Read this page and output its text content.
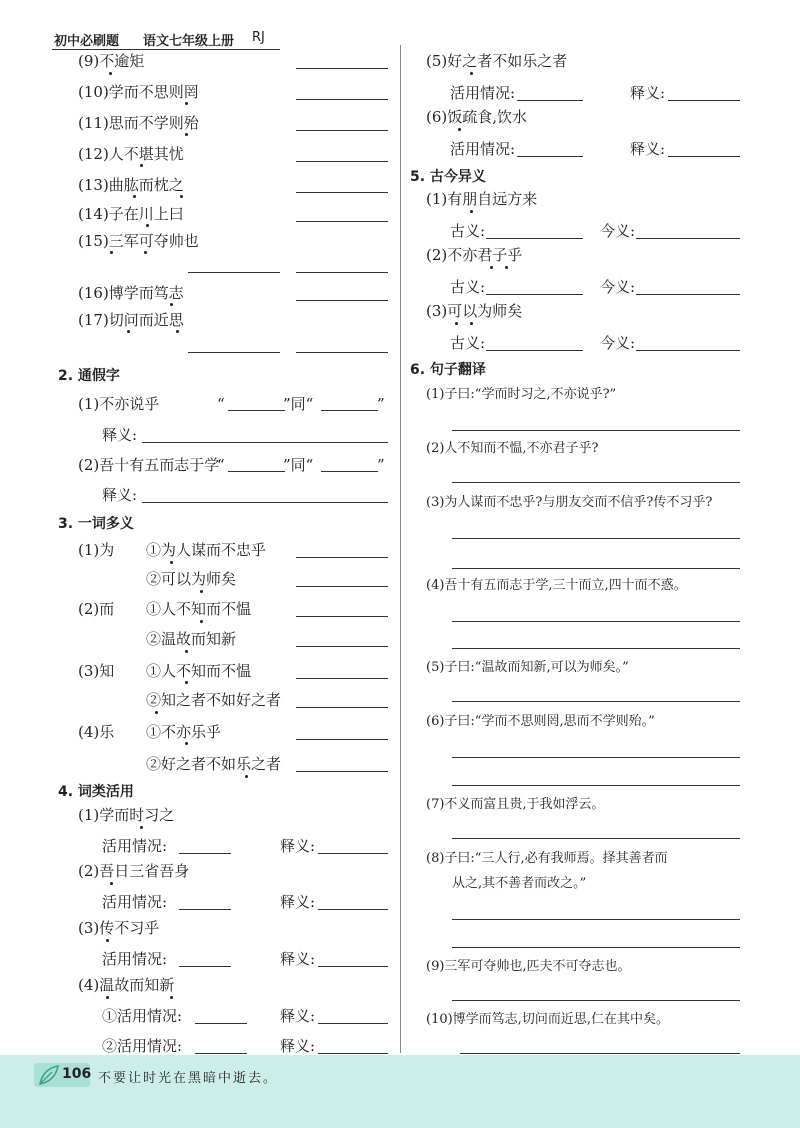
初中必刷题 语文七年级上册 RJ
(9)不逾矩
(10)学而不思则罔
(11)思而不学则殆
(12)人不堪其忧
(13)曲肱而枕之
(14)子在川上曰
(15)三军可夺帅也
(16)博学而笃志
(17)切问而近思
2. 通假字
(1)不亦说乎	“	”同“	”
释义:
(2)吾十有五而志于学
“	”同“	”
释义:
3. 一词多义
(1)为 ①为人谋而不忠乎
②可以为师矣
(2)而 ①人不知而不愠
②温故而知新
(3)知 ①人不知而不愠
②知之者不如好之者
(4)乐 ①不亦乐乎
②好之者不如乐之者
4. 词类活用
(1)学而时习之
活用情况:	释义:
(2)吾日三省吾身
活用情况:	释义:
(3)传不习乎
活用情况:	释义:
(4)温故而知新
①活用情况:	释义:
②活用情况:	释义:
(5)好之者不如乐之者
活用情况:	释义:
(6)饭疏食,饮水
活用情况:	释义:
5. 古今异义
(1)有朋自远方来
古义:	今义:
(2)不亦君子乎
古义:	今义:
(3)可以为师矣
古义:	今义:
6. 句子翻译
(1)子曰:“学而时习之,不亦说乎?”
(2)人不知而不愠,不亦君子乎?
(3)为人谋而不忠乎?与朋友交而不信乎?传不习乎?
(4)吾十有五而志于学,三十而立,四十而不惑。
(5)子曰:“温故而知新,可以为师矣。”
(6)子曰:“学而不思则罔,思而不学则殆。”
(7)不义而富且贵,于我如浮云。
(8)子曰:“三人行,必有我师焉。择其善者而
从之,其不善者而改之。”
(9)三军可夺帅也,匹夫不可夺志也。
(10)博学而笃志,切问而近思,仁在其中矣。
106 不要让时光在黑暗中逝去。
